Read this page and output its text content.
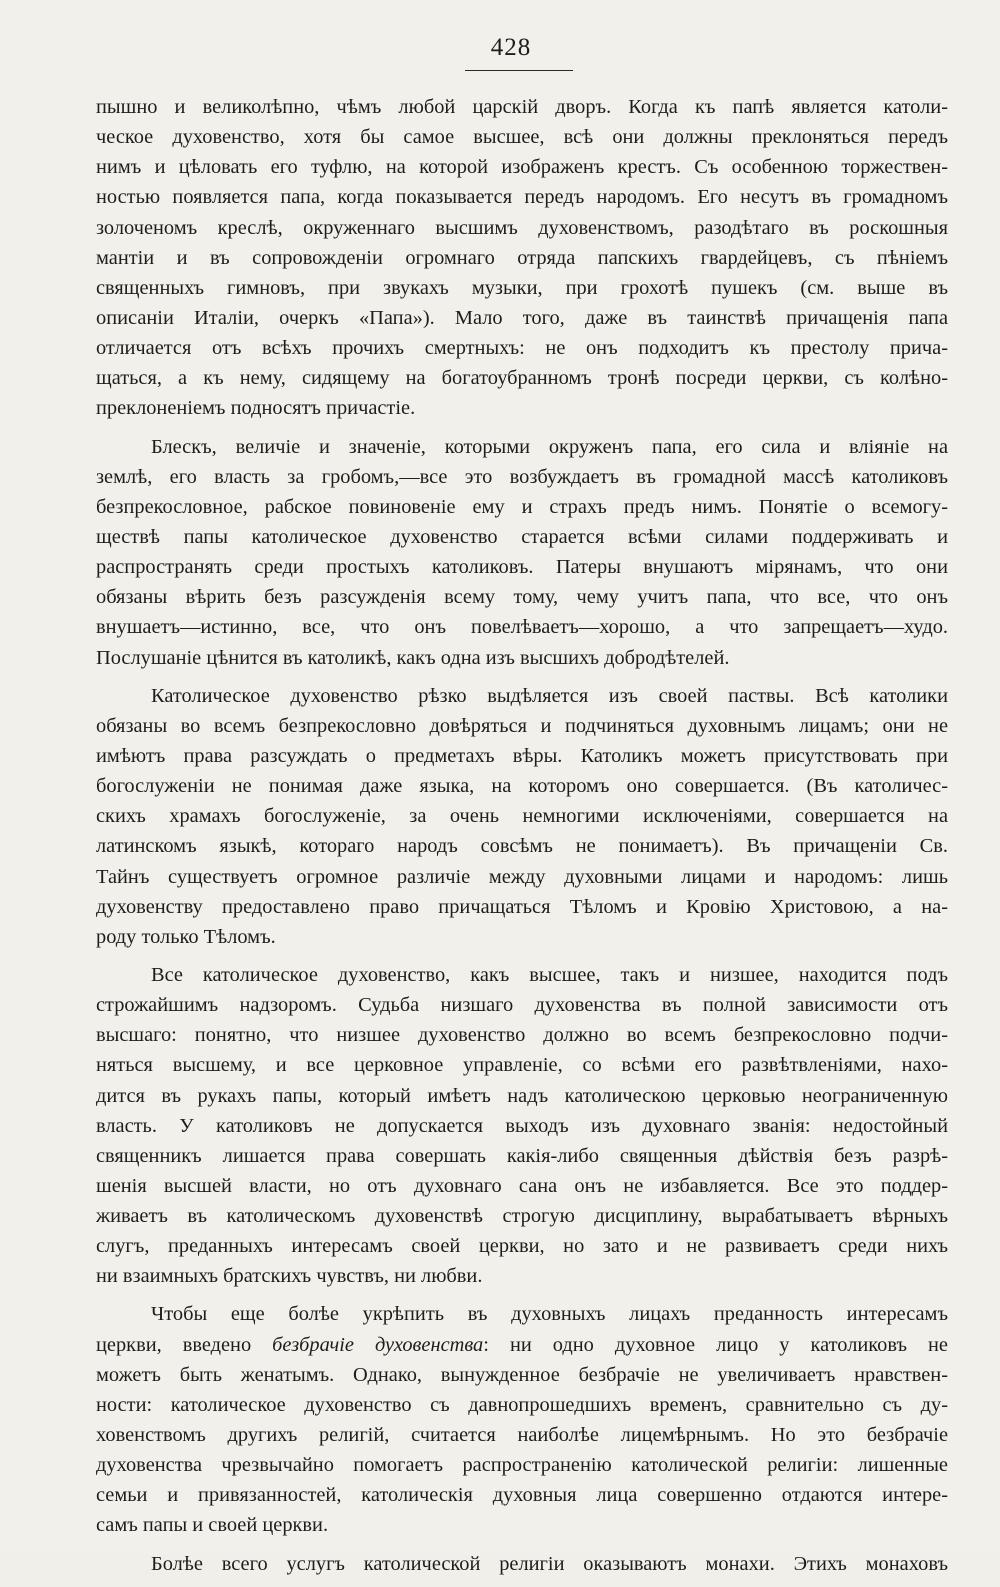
428
пышно и великолѣпно, чѣмъ любой царскій дворъ. Когда къ папѣ является католи-
ческое духовенство, хотя бы самое высшее, всѣ они должны преклоняться передъ
нимъ и цѣловать его туфлю, на которой изображенъ крестъ. Съ особенною торжествен-
ностью появляется папа, когда показывается передъ народомъ. Его несутъ въ громадномъ
золоченомъ креслѣ, окруженнаго высшимъ духовенствомъ, разодѣтаго въ роскошныя
мантіи и въ сопровожденіи огромнаго отряда папскихъ гвардейцевъ, съ пѣніемъ
священныхъ гимновъ, при звукахъ музыки, при грохотѣ пушекъ (см. выше въ
описаніи Италіи, очеркъ «Папа»). Мало того, даже въ таинствѣ причащенія папа
отличается отъ всѣхъ прочихъ смертныхъ: не онъ подходитъ къ престолу прича-
щаться, а къ нему, сидящему на богатоубранномъ тронѣ посреди церкви, съ колѣно-
преклоненіемъ подносятъ причастіе.
Блескъ, величіе и значеніе, которыми окруженъ папа, его сила и вліяніе на
землѣ, его власть за гробомъ,—все это возбуждаетъ въ громадной массѣ католиковъ
безпрекословное, рабское повиновеніе ему и страхъ предъ нимъ. Понятіе о всемогу-
ществѣ папы католическое духовенство старается всѣми силами поддерживать и
распространять среди простыхъ католиковъ. Патеры внушаютъ мірянамъ, что они
обязаны вѣрить безъ разсужденія всему тому, чему учитъ папа, что все, что онъ
внушаетъ—истинно, все, что онъ повелѣваетъ—хорошо, а что запрещаетъ—худо.
Послушаніе цѣнится въ католикѣ, какъ одна изъ высшихъ добродѣтелей.
Католическое духовенство рѣзко выдѣляется изъ своей паствы. Всѣ католики
обязаны во всемъ безпрекословно довѣряться и подчиняться духовнымъ лицамъ; они не
имѣютъ права разсуждать о предметахъ вѣры. Католикъ можетъ присутствовать при
богослуженіи не понимая даже языка, на которомъ оно совершается. (Въ католичес-
скихъ храмахъ богослуженіе, за очень немногими исключеніями, совершается на
латинскомъ языкѣ, котораго народъ совсѣмъ не понимаетъ). Въ причащеніи Св.
Тайнъ существуетъ огромное различіе между духовными лицами и народомъ: лишь
духовенству предоставлено право причащаться Тѣломъ и Кровію Христовою, а на-
роду только Тѣломъ.
Все католическое духовенство, какъ высшее, такъ и низшее, находится подъ
строжайшимъ надзоромъ. Судьба низшаго духовенства въ полной зависимости отъ
высшаго: понятно, что низшее духовенство должно во всемъ безпрекословно подчи-
няться высшему, и все церковное управленіе, со всѣми его развѣтвленіями, нахо-
дится въ рукахъ папы, который имѣетъ надъ католическою церковью неограниченную
власть. У католиковъ не допускается выходъ изъ духовнаго званія: недостойный
священникъ лишается права совершать какія-либо священныя дѣйствія безъ разрѣ-
шенія высшей власти, но отъ духовнаго сана онъ не избавляется. Все это поддер-
живаетъ въ католическомъ духовенствѣ строгую дисциплину, вырабатываетъ вѣрныхъ
слугъ, преданныхъ интересамъ своей церкви, но зато и не развиваетъ среди нихъ
ни взаимныхъ братскихъ чувствъ, ни любви.
Чтобы еще болѣе укрѣпить въ духовныхъ лицахъ преданность интересамъ
церкви, введено безбрачіе духовенства: ни одно духовное лицо у католиковъ не
можетъ быть женатымъ. Однако, вынужденное безбрачіе не увеличиваетъ нравствен-
ности: католическое духовенство съ давнопрошедшихъ временъ, сравнительно съ ду-
ховенствомъ другихъ религій, считается наиболѣе лицемѣрнымъ. Но это безбрачіе
духовенства чрезвычайно помогаетъ распространенію католической религіи: лишенные
семьи и привязанностей, католическія духовныя лица совершенно отдаются интере-
самъ папы и своей церкви.
Болѣе всего услугъ католической религіи оказываютъ монахи. Этихъ монаховъ
